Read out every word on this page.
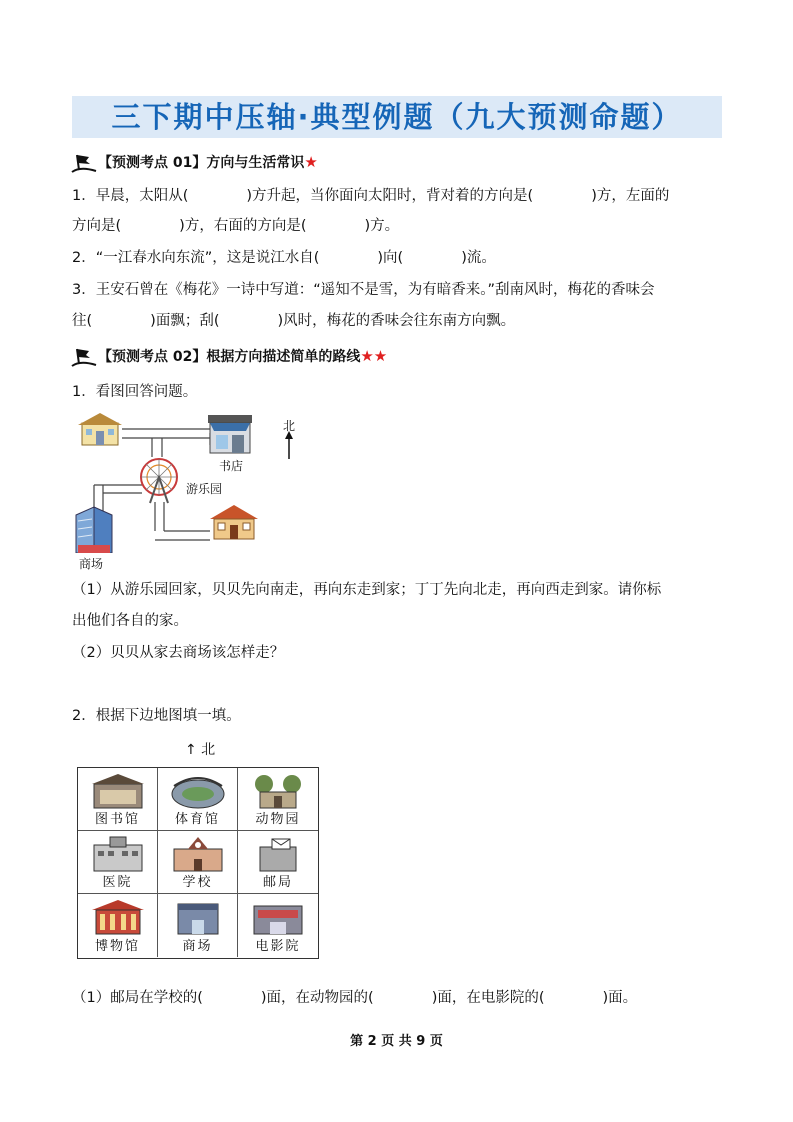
三下期中压轴·典型例题（九大预测命题）
【预测考点 01】方向与生活常识★
1．早晨，太阳从(　　　　)方升起，当你面向太阳时，背对着的方向是(　　　　)方，左面的
方向是(　　　　)方，右面的方向是(　　　　)方。
2．“一江春水向东流”，这是说江水自(　　　　)向(　　　　)流。
3．王安石曾在《梅花》一诗中写道：“遥知不是雪，为有暗香来。”刮南风时，梅花的香味会
往(　　　　)面飘；刮(　　　　)风时，梅花的香味会往东南方向飘。
【预测考点 02】根据方向描述简单的路线★★
1．看图回答问题。
书店
北
游乐园
商场
（1）从游乐园回家，贝贝先向南走，再向东走到家；丁丁先向北走，再向西走到家。请你标
出他们各自的家。
（2）贝贝从家去商场该怎样走？
2．根据下边地图填一填。
↑ 北
图书馆	体育馆	动物园
医院	学校	邮局
博物馆	商场	电影院
（1）邮局在学校的(　　　　)面，在动物园的(　　　　)面，在电影院的(　　　　)面。
第 2 页 共 9 页
